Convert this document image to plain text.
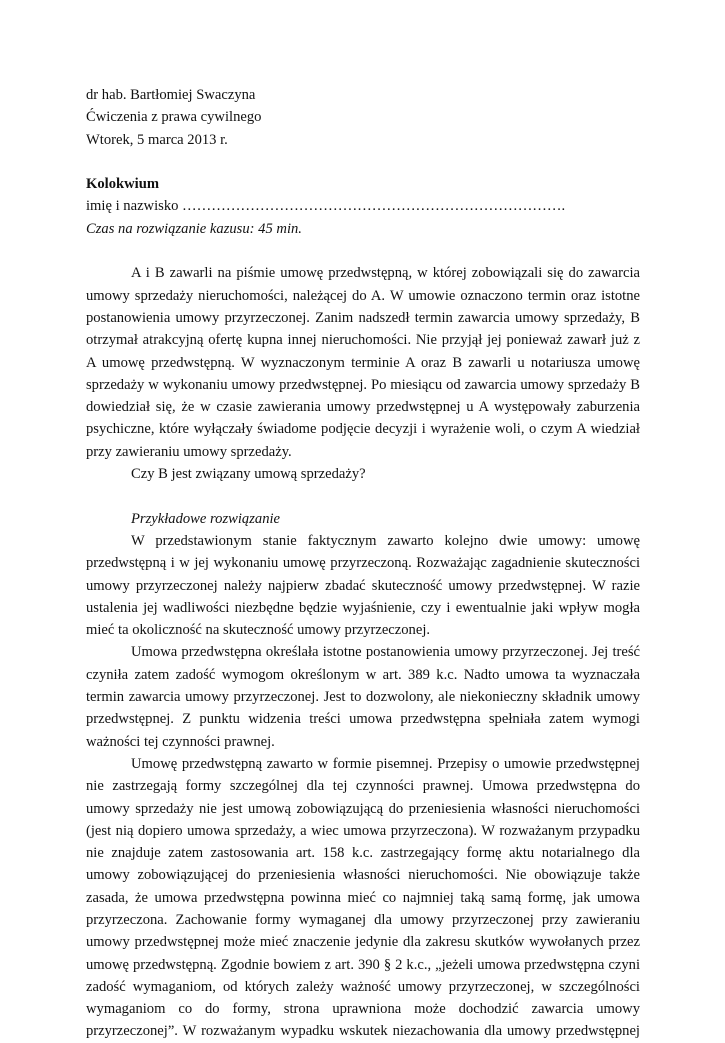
dr hab. Bartłomiej Swaczyna
Ćwiczenia z prawa cywilnego
Wtorek, 5 marca 2013 r.
Kolokwium
imię i nazwisko …………………………………………………………………….
Czas na rozwiązanie kazusu: 45 min.
A i B zawarli na piśmie umowę przedwstępną, w której zobowiązali się do zawarcia
umowy sprzedaży nieruchomości, należącej do A. W umowie oznaczono termin oraz istotne
postanowienia umowy przyrzeczonej. Zanim nadszedł termin zawarcia umowy sprzedaży, B
otrzymał atrakcyjną ofertę kupna innej nieruchomości. Nie przyjął jej ponieważ zawarł już z
A umowę przedwstępną. W wyznaczonym terminie A oraz B zawarli u notariusza umowę
sprzedaży w wykonaniu umowy przedwstępnej. Po miesiącu od zawarcia umowy sprzedaży B
dowiedział się, że w czasie zawierania umowy przedwstępnej u A występowały zaburzenia
psychiczne, które wyłączały świadome podjęcie decyzji i wyrażenie woli, o czym A wiedział
przy zawieraniu umowy sprzedaży.
Czy B jest związany umową sprzedaży?
Przykładowe rozwiązanie
W przedstawionym stanie faktycznym zawarto kolejno dwie umowy: umowę
przedwstępną i w jej wykonaniu umowę przyrzeczoną. Rozważając zagadnienie skuteczności
umowy przyrzeczonej należy najpierw zbadać skuteczność umowy przedwstępnej. W razie
ustalenia jej wadliwości niezbędne będzie wyjaśnienie, czy i ewentualnie jaki wpływ mogła
mieć ta okoliczność na skuteczność umowy przyrzeczonej.
Umowa przedwstępna określała istotne postanowienia umowy przyrzeczonej. Jej treść
czyniła zatem zadość wymogom określonym w art. 389 k.c. Nadto umowa ta wyznaczała
termin zawarcia umowy przyrzeczonej. Jest to dozwolony, ale niekonieczny składnik umowy
przedwstępnej. Z punktu widzenia treści umowa przedwstępna spełniała zatem wymogi
ważności tej czynności prawnej.
Umowę przedwstępną zawarto w formie pisemnej. Przepisy o umowie przedwstępnej
nie zastrzegają formy szczególnej dla tej czynności prawnej. Umowa przedwstępna do
umowy sprzedaży nie jest umową zobowiązującą do przeniesienia własności nieruchomości
(jest nią dopiero umowa sprzedaży, a wiec umowa przyrzeczona). W rozważanym przypadku
nie znajduje zatem zastosowania art. 158 k.c. zastrzegający formę aktu notarialnego dla
umowy zobowiązującej do przeniesienia własności nieruchomości. Nie obowiązuje także
zasada, że umowa przedwstępna powinna mieć co najmniej taką samą formę, jak umowa
przyrzeczona. Zachowanie formy wymaganej dla umowy przyrzeczonej przy zawieraniu
umowy przedwstępnej może mieć znaczenie jedynie dla zakresu skutków wywołanych przez
umowę przedwstępną. Zgodnie bowiem z art. 390 § 2 k.c., „jeżeli umowa przedwstępna czyni
zadość wymaganiom, od których zależy ważność umowy przyrzeczonej, w szczególności
wymaganiom co do formy, strona uprawniona może dochodzić zawarcia umowy
przyrzeczonej”. W rozważanym wypadku wskutek niezachowania dla umowy przedwstępnej
